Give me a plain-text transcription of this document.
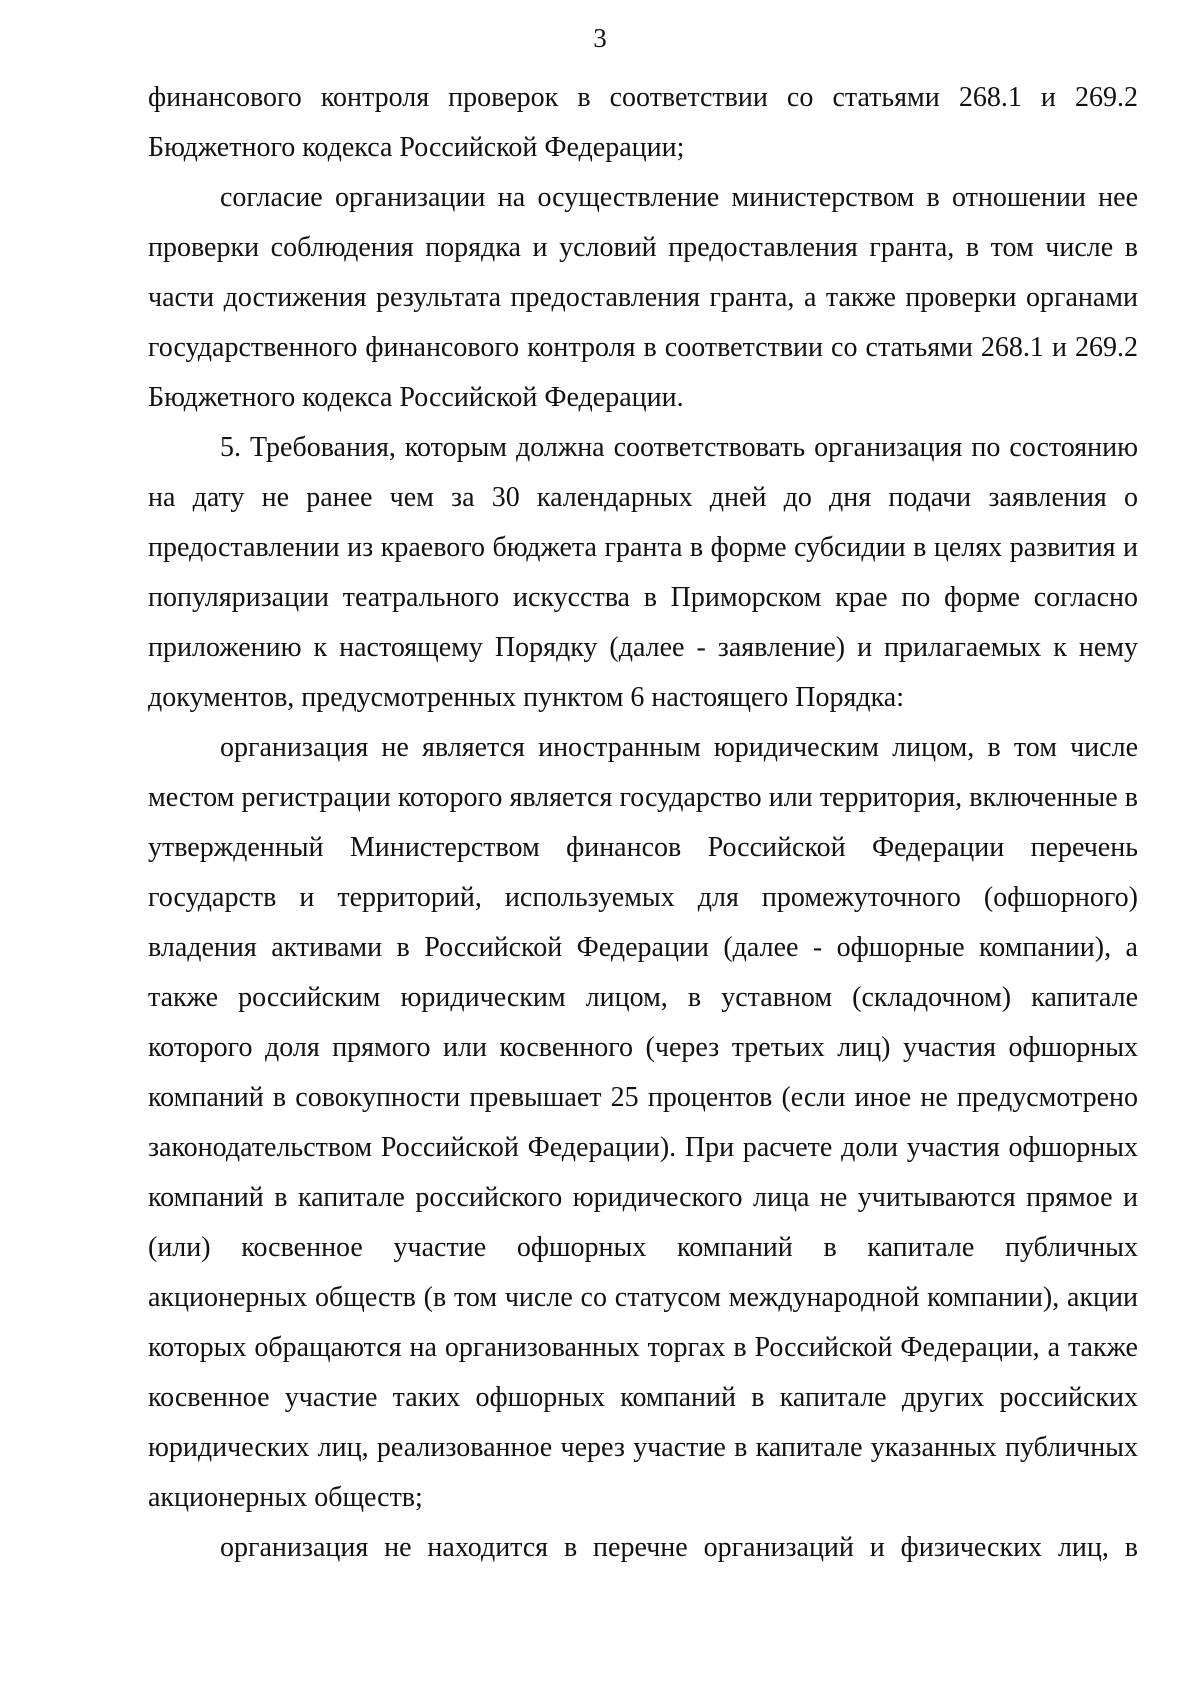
3

финансового контроля проверок в соответствии со статьями 268.1 и 269.2 Бюджетного кодекса Российской Федерации;

согласие организации на осуществление министерством в отношении нее проверки соблюдения порядка и условий предоставления гранта, в том числе в части достижения результата предоставления гранта, а также проверки органами государственного финансового контроля в соответствии со статьями 268.1 и 269.2 Бюджетного кодекса Российской Федерации.

5. Требования, которым должна соответствовать организация по состоянию на дату не ранее чем за 30 календарных дней до дня подачи заявления о предоставлении из краевого бюджета гранта в форме субсидии в целях развития и популяризации театрального искусства в Приморском крае по форме согласно приложению к настоящему Порядку (далее - заявление) и прилагаемых к нему документов, предусмотренных пунктом 6 настоящего Порядка:

организация не является иностранным юридическим лицом, в том числе местом регистрации которого является государство или территория, включенные в утвержденный Министерством финансов Российской Федерации перечень государств и территорий, используемых для промежуточного (офшорного) владения активами в Российской Федерации (далее - офшорные компании), а также российским юридическим лицом, в уставном (складочном) капитале которого доля прямого или косвенного (через третьих лиц) участия офшорных компаний в совокупности превышает 25 процентов (если иное не предусмотрено законодательством Российской Федерации). При расчете доли участия офшорных компаний в капитале российского юридического лица не учитываются прямое и (или) косвенное участие офшорных компаний в капитале публичных акционерных обществ (в том числе со статусом международной компании), акции которых обращаются на организованных торгах в Российской Федерации, а также косвенное участие таких офшорных компаний в капитале других российских юридических лиц, реализованное через участие в капитале указанных публичных акционерных обществ;

организация не находится в перечне организаций и физических лиц, в
